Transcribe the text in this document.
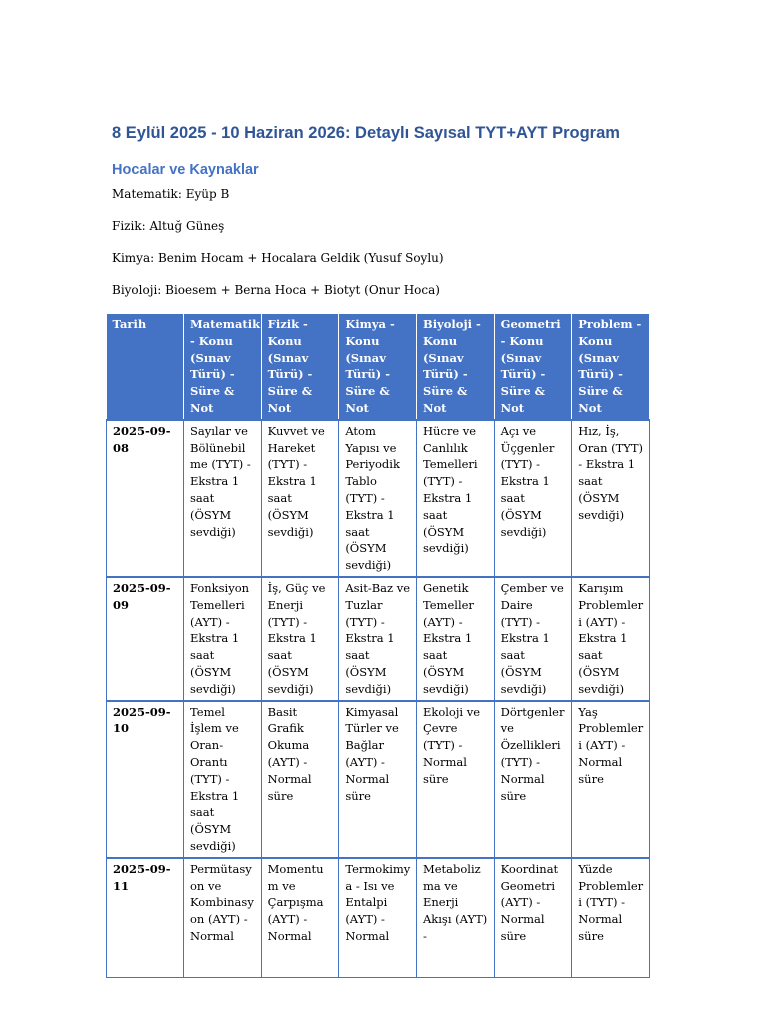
8 Eylül 2025 - 10 Haziran 2026: Detaylı Sayısal TYT+AYT Program
Hocalar ve Kaynaklar

Matematik: Eyüp B

Fizik: Altuğ Güneş

Kimya: Benim Hocam + Hocalara Geldik (Yusuf Soylu)

Biyoloji: Bioesem + Berna Hoca + Biotyt (Onur Hoca)

Tarih	Matematik - Konu (Sınav Türü) - Süre & Not	Fizik - Konu (Sınav Türü) - Süre & Not	Kimya - Konu (Sınav Türü) - Süre & Not	Biyoloji - Konu (Sınav Türü) - Süre & Not	Geometri - Konu (Sınav Türü) - Süre & Not	Problem - Konu (Sınav Türü) - Süre & Not
2025-09-08	Sayılar ve Bölünebilme (TYT) - Ekstra 1 saat (ÖSYM sevdiği)	Kuvvet ve Hareket (TYT) - Ekstra 1 saat (ÖSYM sevdiği)	Atom Yapısı ve Periyodik Tablo (TYT) - Ekstra 1 saat (ÖSYM sevdiği)	Hücre ve Canlılık Temelleri (TYT) - Ekstra 1 saat (ÖSYM sevdiği)	Açı ve Üçgenler (TYT) - Ekstra 1 saat (ÖSYM sevdiği)	Hız, İş, Oran (TYT) - Ekstra 1 saat (ÖSYM sevdiği)
2025-09-09	Fonksiyon Temelleri (AYT) - Ekstra 1 saat (ÖSYM sevdiği)	İş, Güç ve Enerji (TYT) - Ekstra 1 saat (ÖSYM sevdiği)	Asit-Baz ve Tuzlar (TYT) - Ekstra 1 saat (ÖSYM sevdiği)	Genetik Temeller (AYT) - Ekstra 1 saat (ÖSYM sevdiği)	Çember ve Daire (TYT) - Ekstra 1 saat (ÖSYM sevdiği)	Karışım Problemleri (AYT) - Ekstra 1 saat (ÖSYM sevdiği)
2025-09-10	Temel İşlem ve Oran-Orantı (TYT) - Ekstra 1 saat (ÖSYM sevdiği)	Basit Grafik Okuma (AYT) - Normal süre	Kimyasal Türler ve Bağlar (AYT) - Normal süre	Ekoloji ve Çevre (TYT) - Normal süre	Dörtgenler ve Özellikleri (TYT) - Normal süre	Yaş Problemleri (AYT) - Normal süre
2025-09-11	Permütasyon ve Kombinasyon (AYT) - Normal	Momentum ve Çarpışma (AYT) - Normal	Termokimya - Isı ve Entalpi (AYT) - Normal	Metabolizma ve Enerji Akışı (AYT) -	Koordinat Geometri (AYT) - Normal süre	Yüzde Problemleri (TYT) - Normal süre
